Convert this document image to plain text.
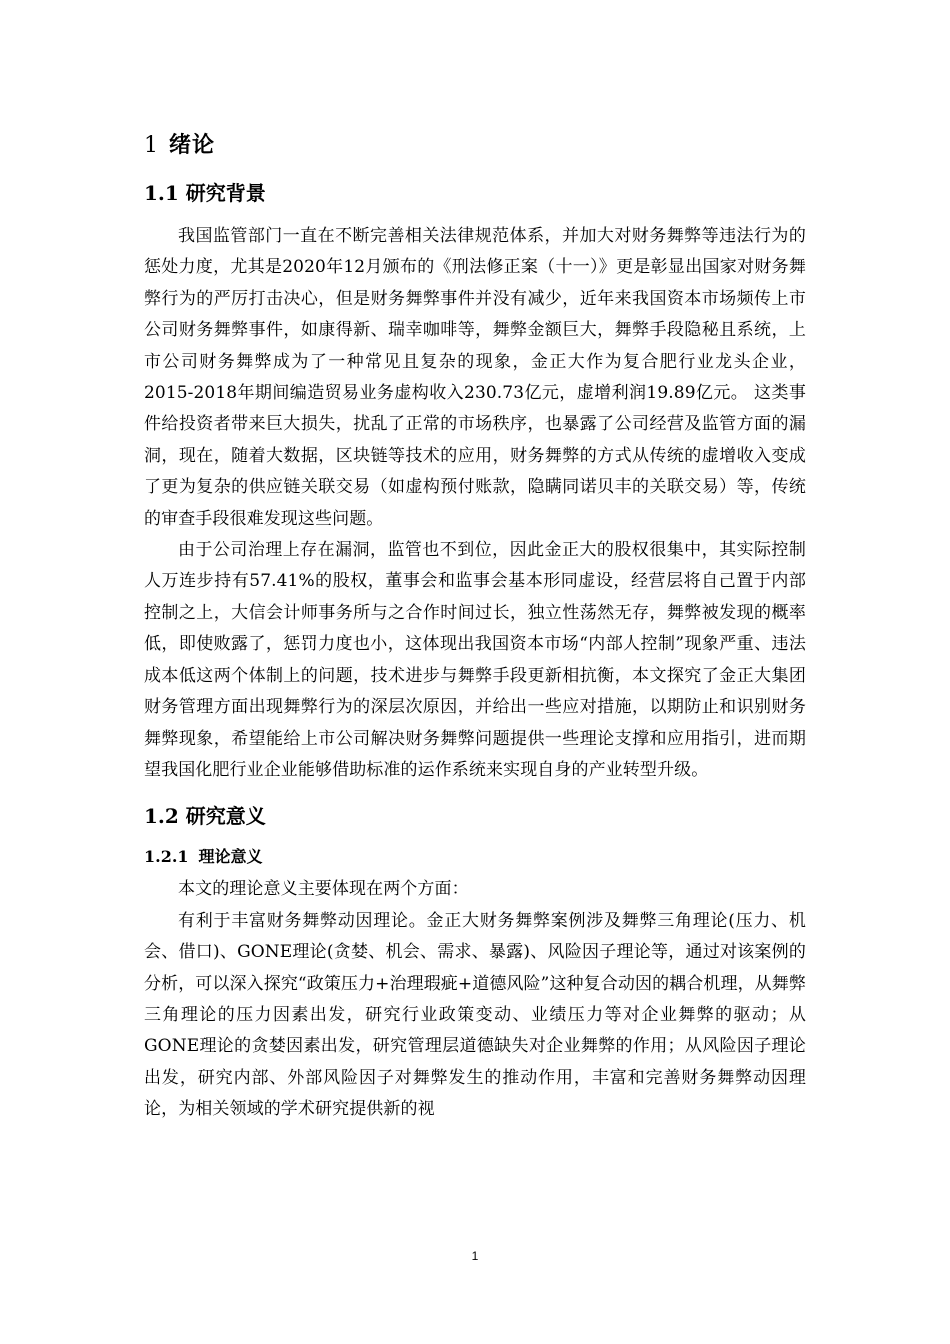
1 绪论
1.1 研究背景

我国监管部门一直在不断完善相关法律规范体系，并加大对财务舞弊等违法行为的惩处力度，尤其是2020年12月颁布的《刑法修正案（十一）》更是彰显出国家对财务舞弊行为的严厉打击决心，但是财务舞弊事件并没有减少，近年来我国资本市场频传上市公司财务舞弊事件，如康得新、瑞幸咖啡等，舞弊金额巨大，舞弊手段隐秘且系统，上市公司财务舞弊成为了一种常见且复杂的现象，金正大作为复合肥行业龙头企业，2015-2018年期间编造贸易业务虚构收入230.73亿元，虚增利润19.89亿元。 这类事件给投资者带来巨大损失，扰乱了正常的市场秩序，也暴露了公司经营及监管方面的漏洞，现在，随着大数据，区块链等技术的应用，财务舞弊的方式从传统的虚增收入变成了更为复杂的供应链关联交易（如虚构预付账款，隐瞒同诺贝丰的关联交易）等，传统的审查手段很难发现这些问题。

由于公司治理上存在漏洞，监管也不到位，因此金正大的股权很集中，其实际控制人万连步持有57.41%的股权，董事会和监事会基本形同虚设，经营层将自己置于内部控制之上，大信会计师事务所与之合作时间过长，独立性荡然无存，舞弊被发现的概率低，即使败露了，惩罚力度也小，这体现出我国资本市场“内部人控制”现象严重、违法成本低这两个体制上的问题，技术进步与舞弊手段更新相抗衡，本文探究了金正大集团财务管理方面出现舞弊行为的深层次原因，并给出一些应对措施，以期防止和识别财务舞弊现象，希望能给上市公司解决财务舞弊问题提供一些理论支撑和应用指引，进而期望我国化肥行业企业能够借助标准的运作系统来实现自身的产业转型升级。

1.2 研究意义
1.2.1 理论意义

本文的理论意义主要体现在两个方面：

有利于丰富财务舞弊动因理论。金正大财务舞弊案例涉及舞弊三角理论(压力、机会、借口)、GONE理论(贪婪、机会、需求、暴露)、风险因子理论等，通过对该案例的分析，可以深入探究“政策压力+治理瑕疵+道德风险”这种复合动因的耦合机理，从舞弊三角理论的压力因素出发，研究行业政策变动、业绩压力等对企业舞弊的驱动；从GONE理论的贪婪因素出发，研究管理层道德缺失对企业舞弊的作用；从风险因子理论出发，研究内部、外部风险因子对舞弊发生的推动作用，丰富和完善财务舞弊动因理论，为相关领域的学术研究提供新的视

1
